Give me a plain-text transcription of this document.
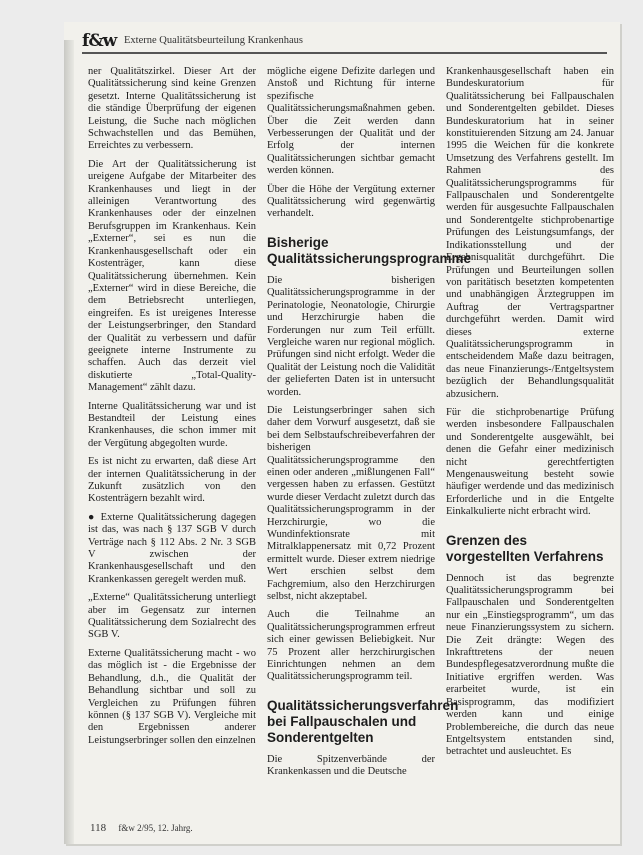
f&w Externe Qualitätsbeurteilung Krankenhaus

ner Qualitätszirkel. Dieser Art der Qualitätssicherung sind keine Grenzen gesetzt. Interne Qualitätssicherung ist die ständige Überprüfung der eigenen Leistung, die Suche nach möglichen Schwachstellen und das Bemühen, Erreichtes zu verbessern.

Die Art der Qualitätssicherung ist ureigene Aufgabe der Mitarbeiter des Krankenhauses und liegt in der alleinigen Verantwortung des Krankenhauses oder der einzelnen Berufsgruppen im Krankenhaus. Kein „Externer“, sei es nun die Krankenhausgesellschaft oder ein Kostenträger, kann diese Qualitätssicherung übernehmen. Kein „Externer“ wird in diese Bereiche, die dem Betriebsrecht unterliegen, eingreifen. Es ist ureigenes Interesse der Leistungserbringer, den Standard der Qualität zu verbessern und dafür geeignete interne Instrumente zu schaffen. Auch das derzeit viel diskutierte „Total-Quality-Management“ zählt dazu.

Interne Qualitätssicherung war und ist Bestandteil der Leistung eines Krankenhauses, die schon immer mit der Vergütung abgegolten wurde.

Es ist nicht zu erwarten, daß diese Art der internen Qualitätssicherung in der Zukunft zusätzlich von den Kostenträgern bezahlt wird.

● Externe Qualitätssicherung dagegen ist das, was nach § 137 SGB V durch Verträge nach § 112 Abs. 2 Nr. 3 SGB V zwischen der Krankenhausgesellschaft und den Krankenkassen geregelt werden muß.

„Externe“ Qualitätssicherung unterliegt aber im Gegensatz zur internen Qualitätssicherung dem Sozialrecht des SGB V.

Externe Qualitätssicherung macht - wo das möglich ist - die Ergebnisse der Behandlung, d.h., die Qualität der Behandlung sichtbar und soll zu Vergleichen zu Prüfungen führen können (§ 137 SGB V). Vergleiche mit den Ergebnissen anderer Leistungserbringer sollen den einzelnen

mögliche eigene Defizite darlegen und Anstoß und Richtung für interne spezifische Qualitätssicherungsmaßnahmen geben. Über die Zeit werden dann Verbesserungen der Qualität und der Erfolg der internen Qualitätssicherungen sichtbar gemacht werden können.

Über die Höhe der Vergütung externer Qualitätssicherung wird gegenwärtig verhandelt.

Bisherige Qualitätssicherungsprogramme

Die bisherigen Qualitätssicherungsprogramme in der Perinatologie, Neonatologie, Chirurgie und Herzchirurgie haben die Forderungen nur zum Teil erfüllt. Vergleiche waren nur regional möglich. Prüfungen sind nicht erfolgt. Weder die Qualität der Leistung noch die Validität der gelieferten Daten ist in untersucht worden.

Die Leistungserbringer sahen sich daher dem Vorwurf ausgesetzt, daß sie bei dem Selbstaufschreibeverfahren der bisherigen Qualitätssicherungsprogramme den einen oder anderen „mißlungenen Fall“ vergessen haben zu erfassen. Gestützt wurde dieser Verdacht zuletzt durch das Qualitätssicherungsprogramm in der Herzchirurgie, wo die Wundinfektionsrate mit Mitralklappenersatz mit 0,72 Prozent ermittelt wurde. Dieser extrem niedrige Wert erschien selbst dem Fachgremium, also den Herzchirurgen selbst, nicht akzeptabel.

Auch die Teilnahme an Qualitätssicherungsprogrammen erfreut sich einer gewissen Beliebigkeit. Nur 75 Prozent aller herzchirurgischen Einrichtungen nehmen an dem Qualitätssicherungsprogramm teil.

Qualitätssicherungsverfahren bei Fallpauschalen und Sonderentgelten

Die Spitzenverbände der Krankenkassen und die Deutsche

Krankenhausgesellschaft haben ein Bundeskuratorium für Qualitätssicherung bei Fallpauschalen und Sonderentgelten gebildet. Dieses Bundeskuratorium hat in seiner konstituierenden Sitzung am 24. Januar 1995 die Weichen für die konkrete Umsetzung des Verfahrens gestellt. Im Rahmen des Qualitätssicherungsprogramms für Fallpauschalen und Sonderentgelte werden für ausgesuchte Fallpauschalen und Sonderentgelte stichprobenartige Prüfungen des Leistungsumfangs, der Indikationsstellung und der Ergebnisqualität durchgeführt. Die Prüfungen und Beurteilungen sollen von paritätisch besetzten kompetenten und unabhängigen Ärztegruppen im Auftrag der Vertragspartner durchgeführt werden. Damit wird dieses externe Qualitätssicherungsprogramm in entscheidendem Maße dazu beitragen, das neue Finanzierungs-/Entgeltsystem bezüglich der Behandlungsqualität abzusichern.

Für die stichprobenartige Prüfung werden insbesondere Fallpauschalen und Sonderentgelte ausgewählt, bei denen die Gefahr einer medizinisch nicht gerechtfertigten Mengenausweitung besteht sowie häufiger werdende und das medizinisch Erforderliche und in die Entgelte Einkalkulierte nicht erbracht wird.

Grenzen des vorgestellten Verfahrens

Dennoch ist das begrenzte Qualitätssicherungsprogramm bei Fallpauschalen und Sonderentgelten nur ein „Einstiegsprogramm“, um das neue Finanzierungssystem zu sichern. Die Zeit drängte: Wegen des Inkrafttretens der neuen Bundespflegesatzverordnung mußte die Initiative ergriffen werden. Was erarbeitet wurde, ist ein Basisprogramm, das modifiziert werden kann und einige Problembereiche, die durch das neue Entgeltsystem entstanden sind, betrachtet und ausleuchtet. Es

118 f&w 2/95, 12. Jahrg.
